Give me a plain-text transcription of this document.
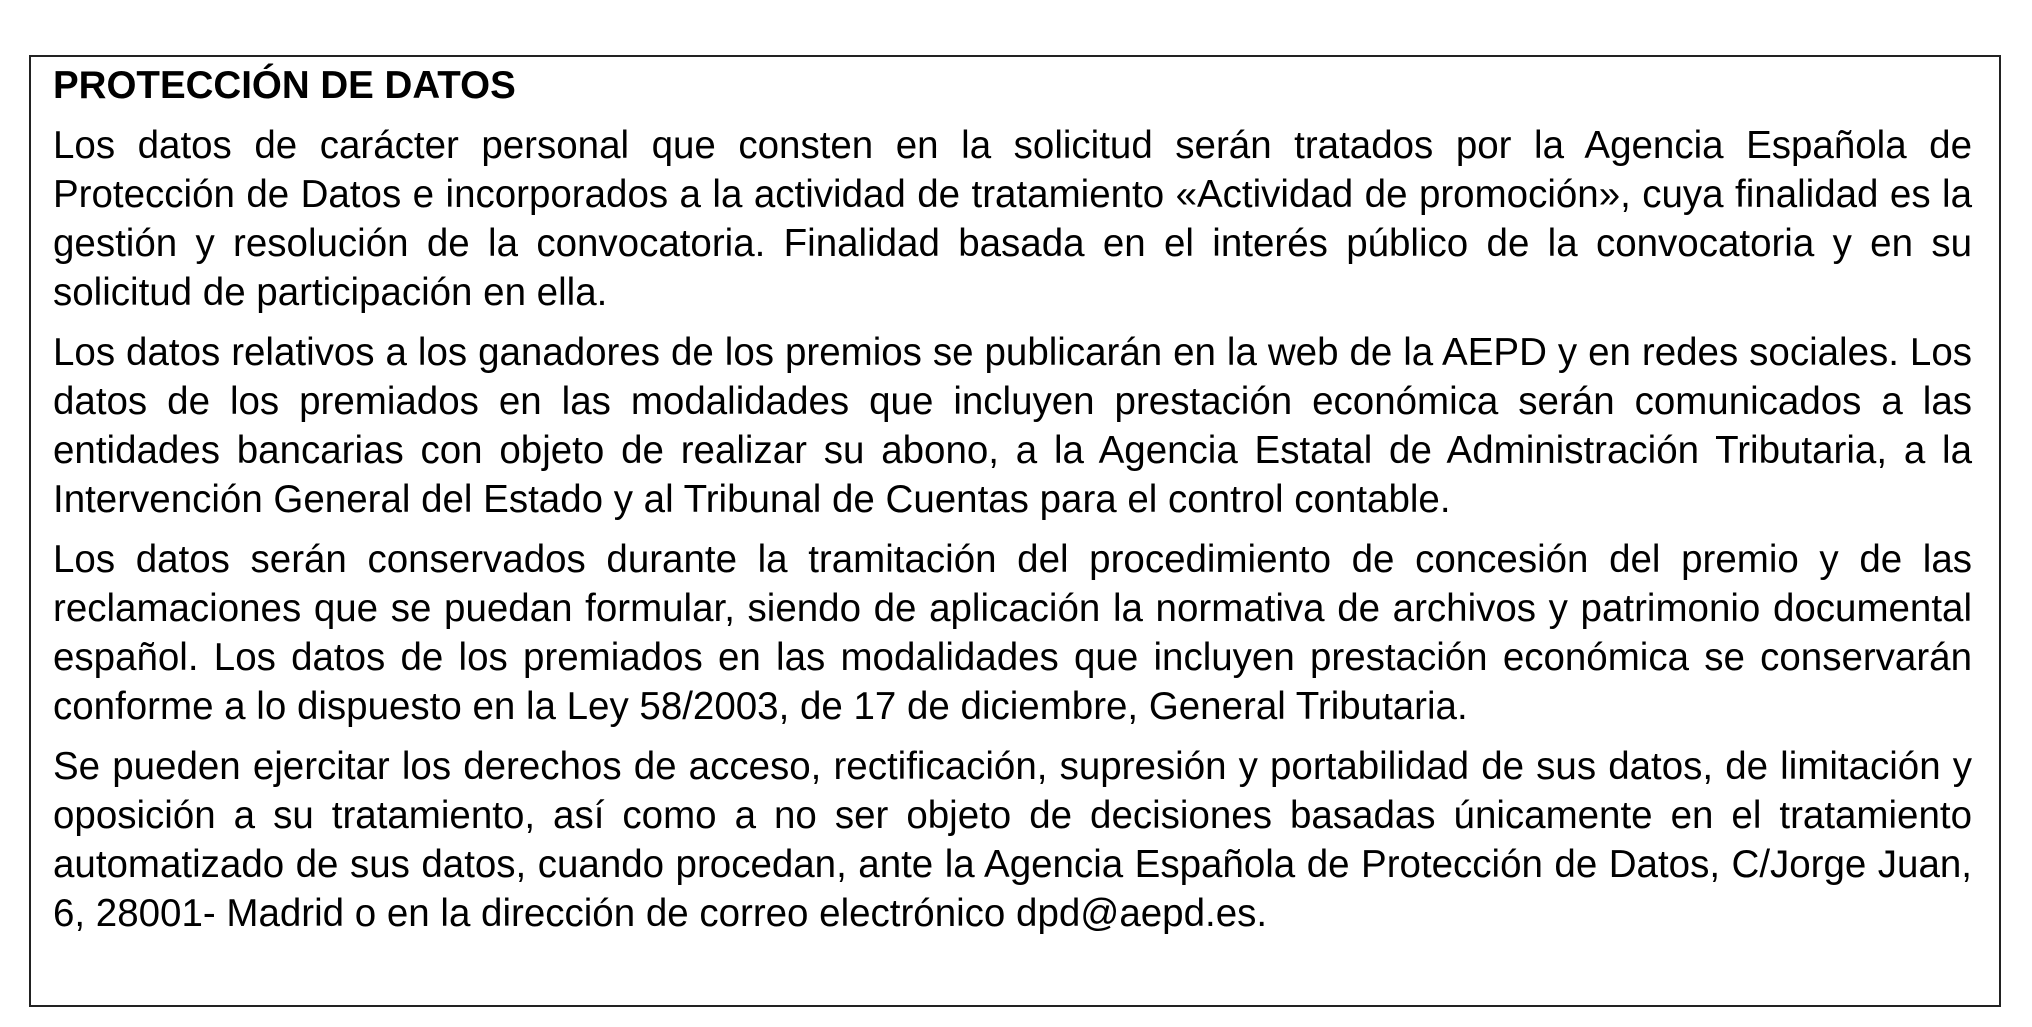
PROTECCIÓN DE DATOS

Los datos de carácter personal que consten en la solicitud serán tratados por la Agencia Española de Protección de Datos e incorporados a la actividad de tratamiento «Actividad de promoción», cuya finalidad es la gestión y resolución de la convocatoria. Finalidad basada en el interés público de la convocatoria y en su solicitud de participación en ella.

Los datos relativos a los ganadores de los premios se publicarán en la web de la AEPD y en redes sociales. Los datos de los premiados en las modalidades que incluyen prestación económica serán comunicados a las entidades bancarias con objeto de realizar su abono, a la Agencia Estatal de Administración Tributaria, a la Intervención General del Estado y al Tribunal de Cuentas para el control contable.

Los datos serán conservados durante la tramitación del procedimiento de concesión del premio y de las reclamaciones que se puedan formular, siendo de aplicación la normativa de archivos y patrimonio documental español. Los datos de los premiados en las modalidades que incluyen prestación económica se conservarán conforme a lo dispuesto en la Ley 58/2003, de 17 de diciembre, General Tributaria.

Se pueden ejercitar los derechos de acceso, rectificación, supresión y portabilidad de sus datos, de limitación y oposición a su tratamiento, así como a no ser objeto de decisiones basadas únicamente en el tratamiento automatizado de sus datos, cuando procedan, ante la Agencia Española de Protección de Datos, C/Jorge Juan, 6, 28001- Madrid o en la dirección de correo electrónico dpd@aepd.es.
